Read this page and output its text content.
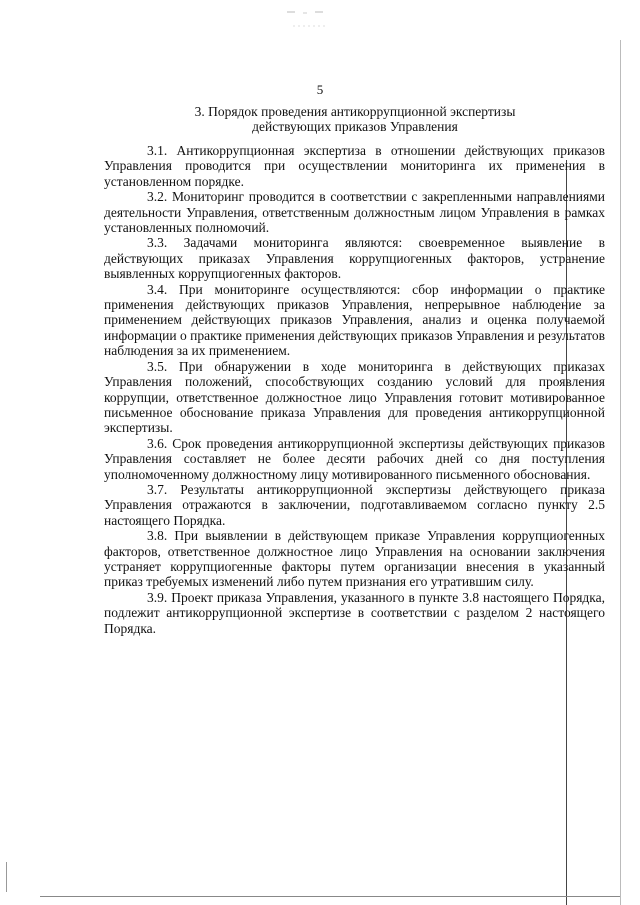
5
3. Порядок проведения антикоррупционной экспертизы
действующих приказов Управления

3.1. Антикоррупционная экспертиза в отношении действующих приказов Управления проводится при осуществлении мониторинга их применения в установленном порядке.

3.2. Мониторинг проводится в соответствии с закрепленными направлениями деятельности Управления, ответственным должностным лицом Управления в рамках установленных полномочий.

3.3. Задачами мониторинга являются: своевременное выявление в действующих приказах Управления коррупциогенных факторов, устранение выявленных коррупциогенных факторов.

3.4. При мониторинге осуществляются: сбор информации о практике применения действующих приказов Управления, непрерывное наблюдение за применением действующих приказов Управления, анализ и оценка получаемой информации о практике применения действующих приказов Управления и результатов наблюдения за их применением.

3.5. При обнаружении в ходе мониторинга в действующих приказах Управления положений, способствующих созданию условий для проявления коррупции, ответственное должностное лицо Управления готовит мотивированное письменное обоснование приказа Управления для проведения антикоррупционной экспертизы.

3.6. Срок проведения антикоррупционной экспертизы действующих приказов Управления составляет не более десяти рабочих дней со дня поступления уполномоченному должностному лицу мотивированного письменного обоснования.

3.7. Результаты антикоррупционной экспертизы действующего приказа Управления отражаются в заключении, подготавливаемом согласно пункту 2.5 настоящего Порядка.

3.8. При выявлении в действующем приказе Управления коррупциогенных факторов, ответственное должностное лицо Управления на основании заключения устраняет коррупциогенные факторы путем организации внесения в указанный приказ требуемых изменений либо путем признания его утратившим силу.

3.9. Проект приказа Управления, указанного в пункте 3.8 настоящего Порядка, подлежит антикоррупционной экспертизе в соответствии с разделом 2 настоящего Порядка.
